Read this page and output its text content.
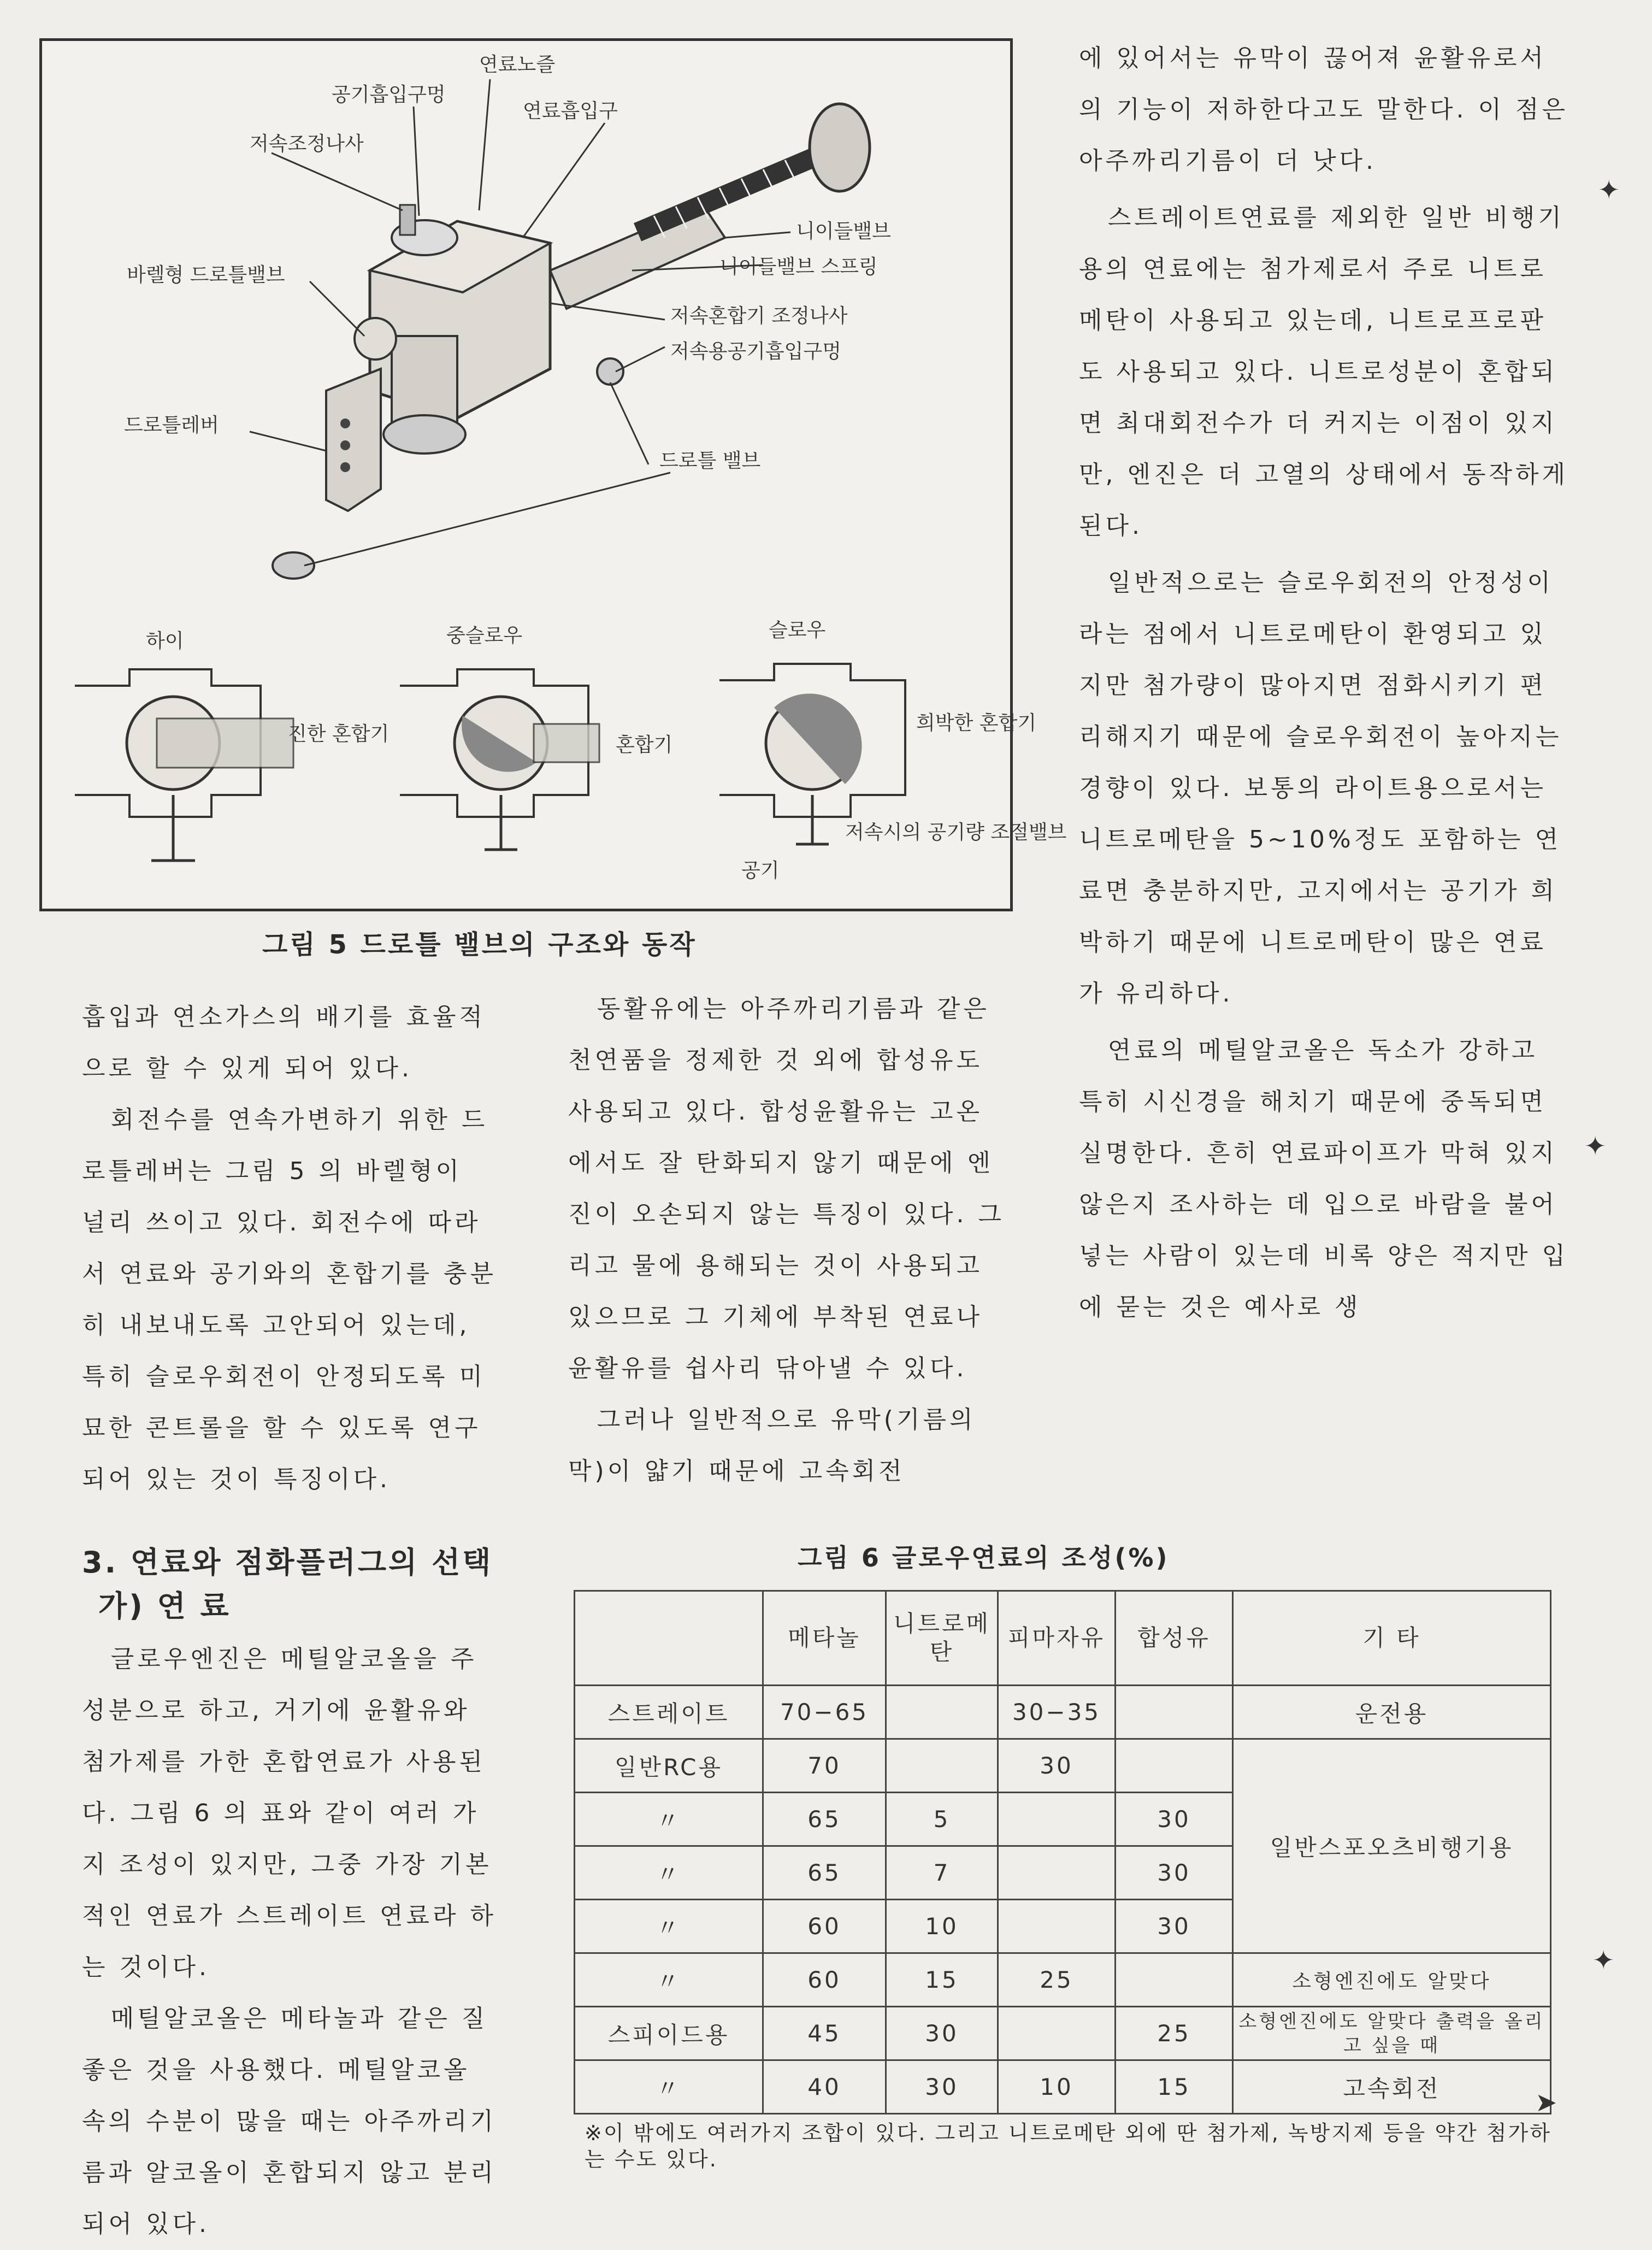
연료노즐
공기흡입구멍
연료흡입구
저속조정나사
니이들밸브
니이들밸브 스프링
저속혼합기 조정나사
저속용공기흡입구멍
바렐형 드로틀밸브
드로틀레버
드로틀 밸브
하이	중슬로우	슬로우
진한 혼합기	혼합기
희박한 혼합기
공기
저속시의 공기량 조절밸브
그림 5 드로틀 밸브의 구조와 동작

에 있어서는 유막이 끊어져 윤활유로서의 기능이 저하한다고도 말한다. 이 점은 아주까리기름이 더 낫다.

스트레이트연료를 제외한 일반 비행기용의 연료에는 첨가제로서 주로 니트로메탄이 사용되고 있는데, 니트로프로판도 사용되고 있다. 니트로성분이 혼합되면 최대회전수가 더 커지는 이점이 있지만, 엔진은 더 고열의 상태에서 동작하게 된다.

일반적으로는 슬로우회전의 안정성이라는 점에서 니트로메탄이 환영되고 있지만 첨가량이 많아지면 점화시키기 편리해지기 때문에 슬로우회전이 높아지는 경향이 있다. 보통의 라이트용으로서는 니트로메탄을 5~10%정도 포함하는 연료면 충분하지만, 고지에서는 공기가 희박하기 때문에 니트로메탄이 많은 연료가 유리하다.

연료의 메틸알코올은 독소가 강하고 특히 시신경을 해치기 때문에 중독되면 실명한다. 흔히 연료파이프가 막혀 있지 않은지 조사하는 데 입으로 바람을 불어 넣는 사람이 있는데 비록 양은 적지만 입에 묻는 것은 예사로 생

흡입과 연소가스의 배기를 효율적으로 할 수 있게 되어 있다.

회전수를 연속가변하기 위한 드로틀레버는 그림 5 의 바렐형이 널리 쓰이고 있다. 회전수에 따라서 연료와 공기와의 혼합기를 충분히 내보내도록 고안되어 있는데, 특히 슬로우회전이 안정되도록 미묘한 콘트롤을 할 수 있도록 연구되어 있는 것이 특징이다.

동활유에는 아주까리기름과 같은 천연품을 정제한 것 외에 합성유도 사용되고 있다. 합성윤활유는 고온에서도 잘 탄화되지 않기 때문에 엔진이 오손되지 않는 특징이 있다. 그리고 물에 용해되는 것이 사용되고 있으므로 그 기체에 부착된 연료나 윤활유를 쉽사리 닦아낼 수 있다.

그러나 일반적으로 유막(기름의 막)이 얇기 때문에 고속회전

3. 연료와 점화플러그의 선택
가) 연 료

글로우엔진은 메틸알코올을 주성분으로 하고, 거기에 윤활유와 첨가제를 가한 혼합연료가 사용된다. 그림 6 의 표와 같이 여러 가지 조성이 있지만, 그중 가장 기본적인 연료가 스트레이트 연료라 하는 것이다.

메틸알코올은 메타놀과 같은 질좋은 것을 사용했다. 메틸알코올 속의 수분이 많을 때는 아주까리기름과 알코올이 혼합되지 않고 분리되어 있다.

그림 6 글로우연료의 조성(%)
	메타놀	니트로메탄	피마자유	합성유	기 타
스트레이트	70−65		30−35		운전용
일반RC용	70		30		일반스포오츠비행기용
〃	65	5		30	
〃	65	7		30	
〃	60	10		30	
〃	60	15	25		소형엔진에도 알맞다
스피이드용	45	30		25	소형엔진에도 알맞다 출력을 올리고 싶을 때
〃	40	30	10	15	고속회전
※이 밖에도 여러가지 조합이 있다. 그리고 니트로메탄 외에 딴 첨가제, 녹방지제 등을 약간 첨가하는 수도 있다.
✦
✦
✦
➤
